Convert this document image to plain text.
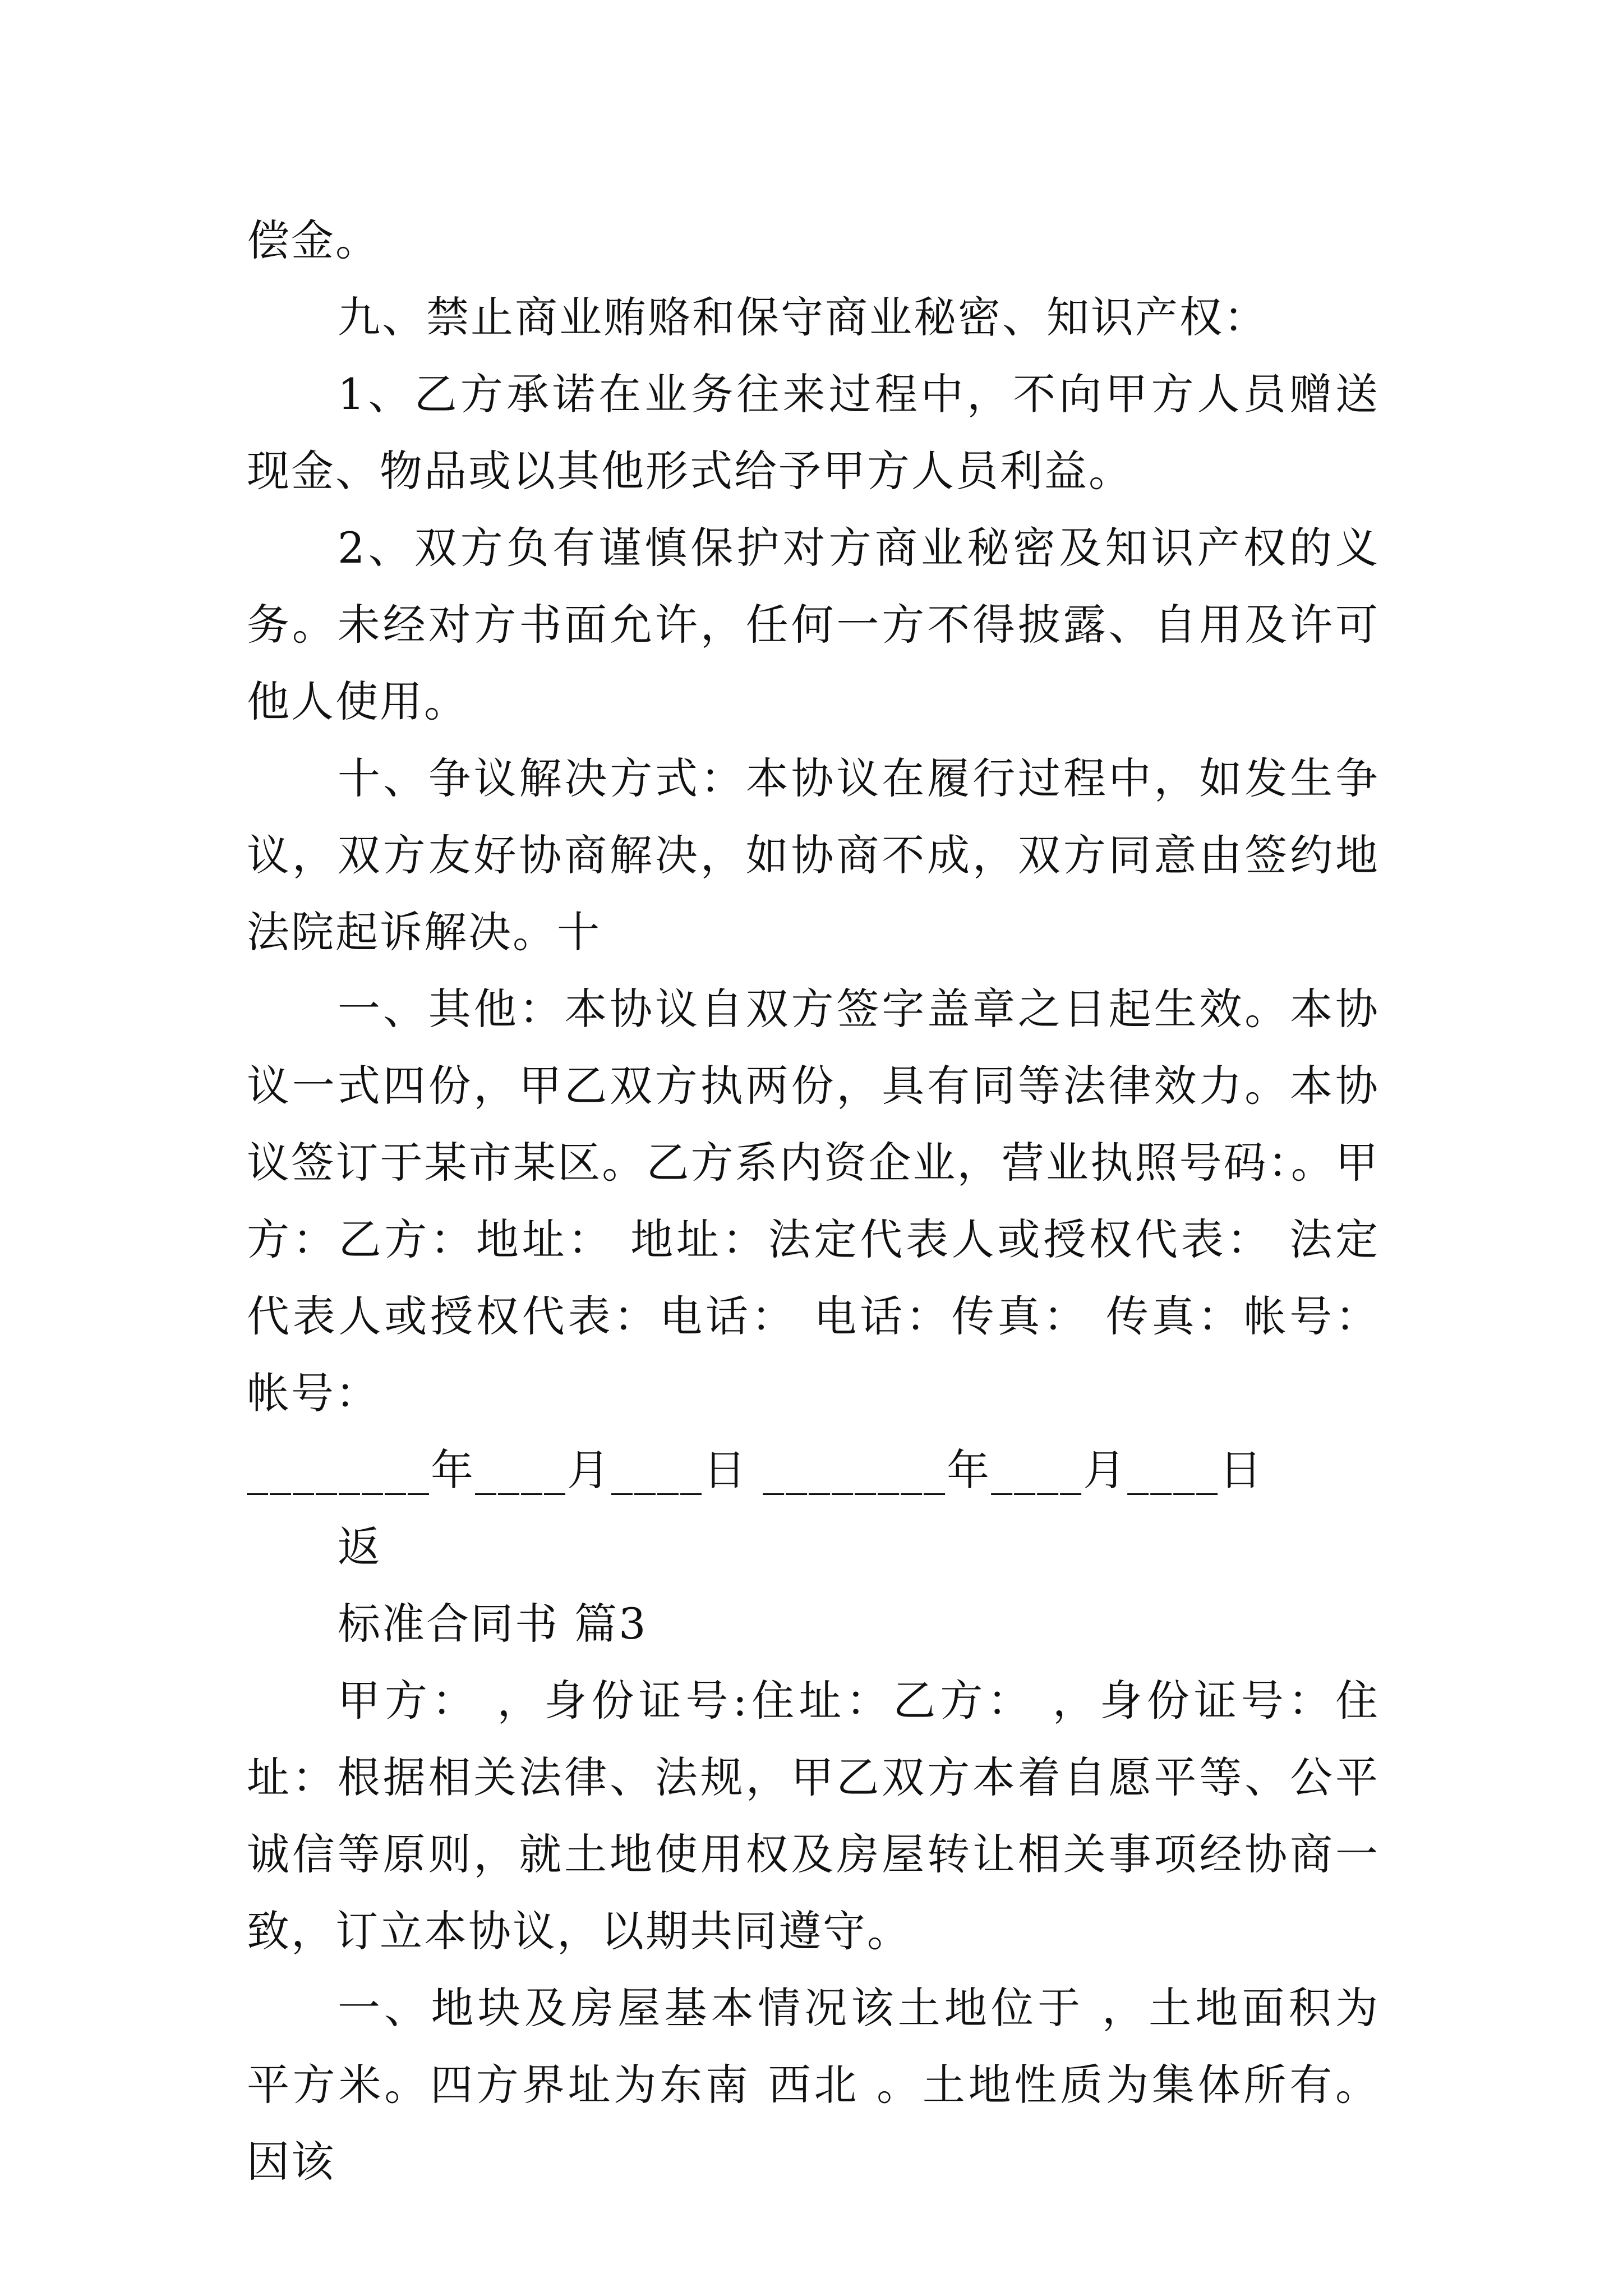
偿金。

九、禁止商业贿赂和保守商业秘密、知识产权：

1、乙方承诺在业务往来过程中，不向甲方人员赠送现金、物品或以其他形式给予甲方人员利益。

2、双方负有谨慎保护对方商业秘密及知识产权的义务。未经对方书面允许，任何一方不得披露、自用及许可他人使用。

十、争议解决方式：本协议在履行过程中，如发生争议，双方友好协商解决，如协商不成，双方同意由签约地法院起诉解决。十

一、其他：本协议自双方签字盖章之日起生效。本协议一式四份，甲乙双方执两份，具有同等法律效力。本协议签订于某市某区。乙方系内资企业，营业执照号码：。甲方：乙方：地址： 地址：法定代表人或授权代表： 法定代表人或授权代表：电话： 电话：传真： 传真：帐号： 帐号：

________年____月____日 ________年____月____日

返

标准合同书 篇3

甲方： ，身份证号:住址：乙方： ，身份证号：住址：根据相关法律、法规，甲乙双方本着自愿平等、公平诚信等原则，就土地使用权及房屋转让相关事项经协商一致，订立本协议，以期共同遵守。

一、地块及房屋基本情况该土地位于 ，土地面积为 平方米。四方界址为东南 西北 。土地性质为集体所有。因该
